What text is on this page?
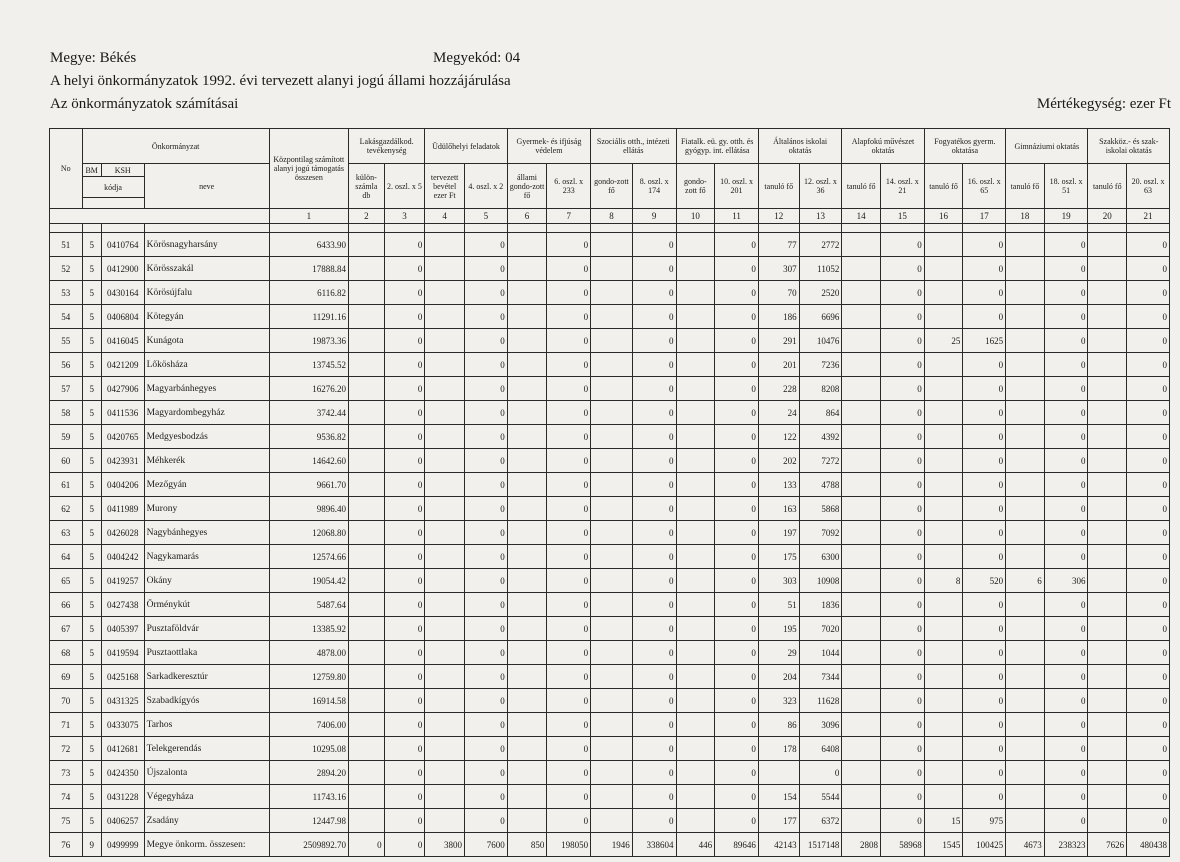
Megye: Békés	Megyekód: 04
A helyi önkormányzatok 1992. évi tervezett alanyi jogú állami hozzájárulása
Az önkormányzatok számításai	Mértékegység: ezer Ft
No	Önkormányzat			Központilag számított alanyi jogú támogatás összesen	Lakásgazdálkod. tevékenység		Üdülőhelyi feladatok		Gyermek- és ifjúság védelem		Szociális otth., intézeti ellátás		Fiatalk. eü. gy. otth. és gyógyp. int. ellátása		Általános iskolai oktatás		Alapfokú művészet oktatás		Fogyatékos gyerm. oktatása		Gimnáziumi oktatás		Szakköz.- és szak-iskolai oktatás	
	BM	KSH	neve		külön-számla db	2. oszl. x 5	tervezett bevétel ezer Ft	4. oszl. x 2	állami gondo-zott fő	6. oszl. x 233	gondo-zott fő	8. oszl. x 174	gondo-zott fő	10. oszl. x 201	tanuló fő	12. oszl. x 36	tanuló fő	14. oszl. x 21	tanuló fő	16. oszl. x 65	tanuló fő	18. oszl. x 51	tanuló fő	20. oszl. x 63
	kódja																							

				1	2	3	4	5	6	7	8	9	10	11	12	13	14	15	16	17	18	19	20	21

51	5	0410764	Körösnagyharsány	6433.90		0		0		0		0		0	77	2772		0		0		0		0
52	5	0412900	Körösszakál	17888.84		0		0		0		0		0	307	11052		0		0		0		0
53	5	0430164	Körösújfalu	6116.82		0		0		0		0		0	70	2520		0		0		0		0
54	5	0406804	Kötegyán	11291.16		0		0		0		0		0	186	6696		0		0		0		0
55	5	0416045	Kunágota	19873.36		0		0		0		0		0	291	10476		0	25	1625		0		0
56	5	0421209	Lőkösháza	13745.52		0		0		0		0		0	201	7236		0		0		0		0
57	5	0427906	Magyarbánhegyes	16276.20		0		0		0		0		0	228	8208		0		0		0		0
58	5	0411536	Magyardombegyház	3742.44		0		0		0		0		0	24	864		0		0		0		0
59	5	0420765	Medgyesbodzás	9536.82		0		0		0		0		0	122	4392		0		0		0		0
60	5	0423931	Méhkerék	14642.60		0		0		0		0		0	202	7272		0		0		0		0
61	5	0404206	Mezőgyán	9661.70		0		0		0		0		0	133	4788		0		0		0		0
62	5	0411989	Murony	9896.40		0		0		0		0		0	163	5868		0		0		0		0
63	5	0426028	Nagybánhegyes	12068.80		0		0		0		0		0	197	7092		0		0		0		0
64	5	0404242	Nagykamarás	12574.66		0		0		0		0		0	175	6300		0		0		0		0
65	5	0419257	Okány	19054.42		0		0		0		0		0	303	10908		0	8	520	6	306		0
66	5	0427438	Örménykút	5487.64		0		0		0		0		0	51	1836		0		0		0		0
67	5	0405397	Pusztaföldvár	13385.92		0		0		0		0		0	195	7020		0		0		0		0
68	5	0419594	Pusztaottlaka	4878.00		0		0		0		0		0	29	1044		0		0		0		0
69	5	0425168	Sarkadkeresztúr	12759.80		0		0		0		0		0	204	7344		0		0		0		0
70	5	0431325	Szabadkígyós	16914.58		0		0		0		0		0	323	11628		0		0		0		0
71	5	0433075	Tarhos	7406.00		0		0		0		0		0	86	3096		0		0		0		0
72	5	0412681	Telekgerendás	10295.08		0		0		0		0		0	178	6408		0		0		0		0
73	5	0424350	Újszalonta	2894.20		0		0		0		0		0		0		0		0		0		0
74	5	0431228	Végegyháza	11743.16		0		0		0		0		0	154	5544		0		0		0		0
75	5	0406257	Zsadány	12447.98		0		0		0		0		0	177	6372		0	15	975		0		0
76	9	0499999	Megye önkorm. összesen:	2509892.70	0	0	3800	7600	850	198050	1946	338604	446	89646	42143	1517148	2808	58968	1545	100425	4673	238323	7626	480438
